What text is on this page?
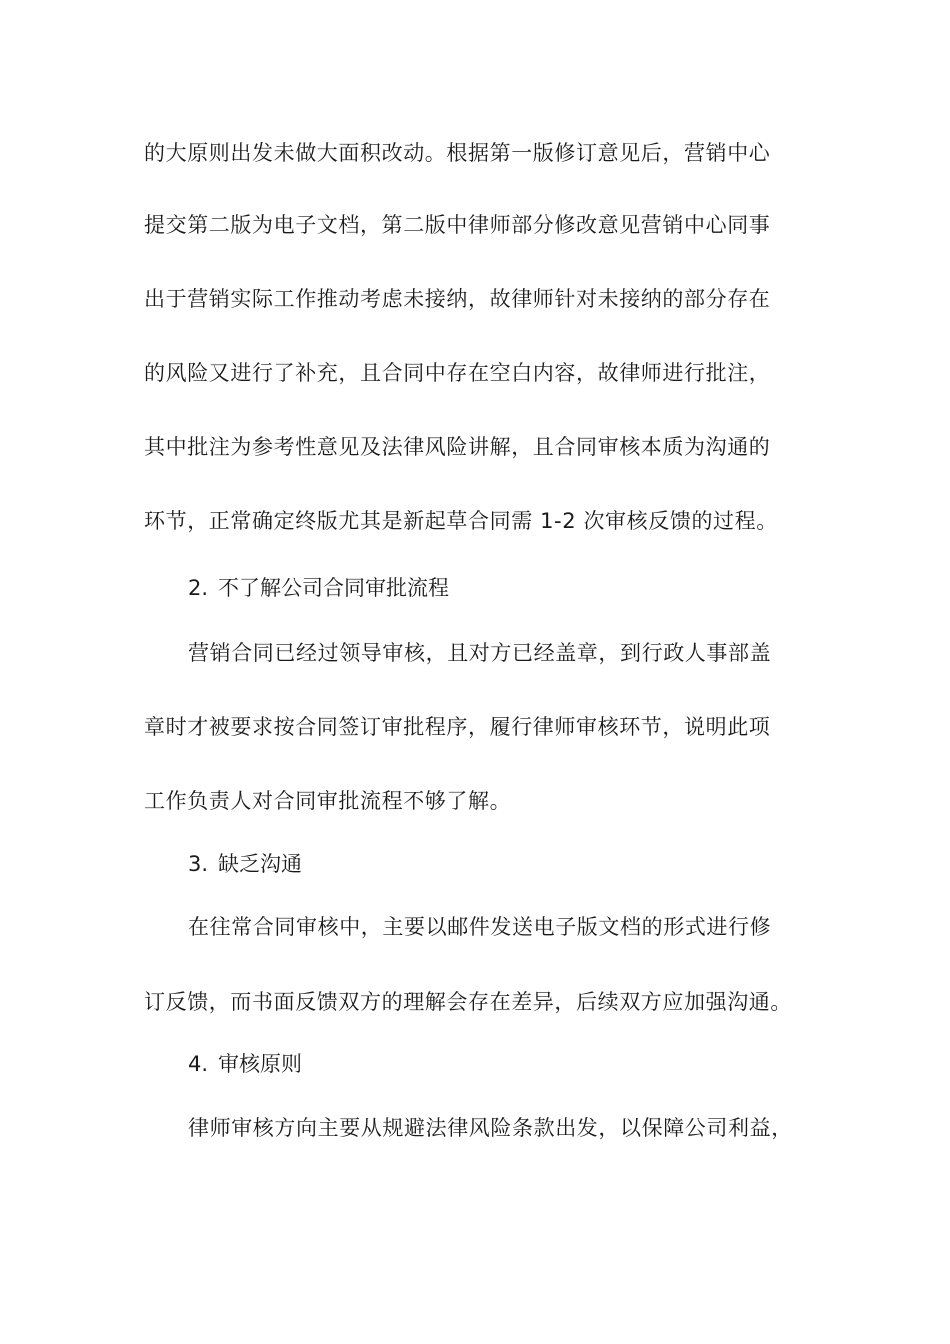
的大原则出发未做大面积改动。根据第一版修订意见后，营销中心
提交第二版为电子文档，第二版中律师部分修改意见营销中心同事
出于营销实际工作推动考虑未接纳，故律师针对未接纳的部分存在
的风险又进行了补充，且合同中存在空白内容，故律师进行批注，
其中批注为参考性意见及法律风险讲解，且合同审核本质为沟通的
环节，正常确定终版尤其是新起草合同需 1-2 次审核反馈的过程。
2. 不了解公司合同审批流程
营销合同已经过领导审核，且对方已经盖章，到行政人事部盖
章时才被要求按合同签订审批程序，履行律师审核环节，说明此项
工作负责人对合同审批流程不够了解。
3. 缺乏沟通
在往常合同审核中，主要以邮件发送电子版文档的形式进行修
订反馈，而书面反馈双方的理解会存在差异，后续双方应加强沟通。
4. 审核原则
律师审核方向主要从规避法律风险条款出发，以保障公司利益，
